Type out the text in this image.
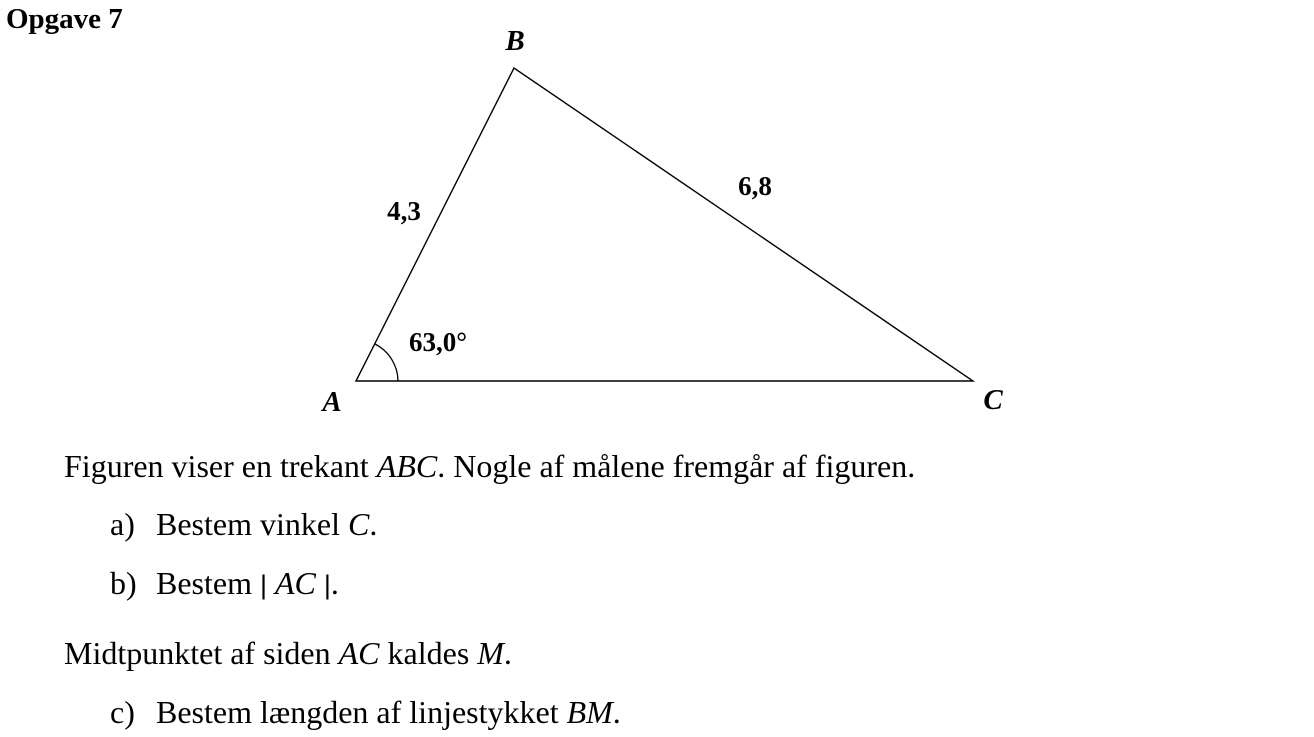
Opgave 7
B
A	C
4,3
6,8
63,0°
Figuren viser en trekant ABC. Nogle af målene fremgår af figuren.
a) Bestem vinkel C.
b) Bestem | AC |.
Midtpunktet af siden AC kaldes M.
c) Bestem længden af linjestykket BM.
